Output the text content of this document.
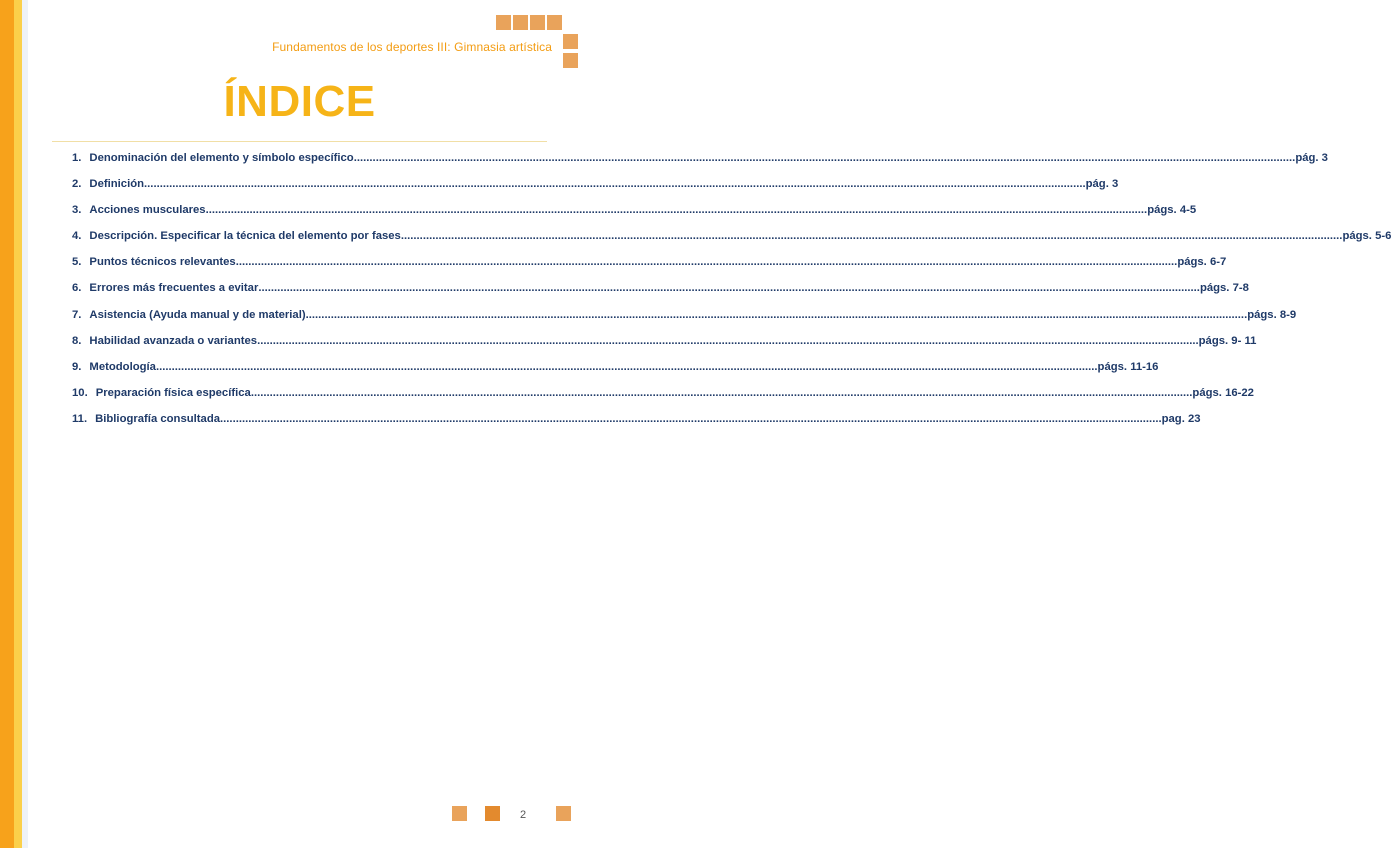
Fundamentos de los deportes III: Gimnasia artística
ÍNDICE
1. Denominación del elemento y símbolo específico ............................................................................................................................................................................................................................................................................................................ pág. 3
2. Definición ............................................................................................................................................................................................................................................................................................................ pág. 3
3. Acciones musculares ............................................................................................................................................................................................................................................................................................................ págs. 4-5
4. Descripción. Especificar la técnica del elemento por fases ............................................................................................................................................................................................................................................................................................................ págs. 5-6
5. Puntos técnicos relevantes ............................................................................................................................................................................................................................................................................................................ págs. 6-7
6. Errores más frecuentes a evitar ............................................................................................................................................................................................................................................................................................................ págs. 7-8
7. Asistencia (Ayuda manual y de material) ............................................................................................................................................................................................................................................................................................................ págs. 8-9
8. Habilidad avanzada o variantes ............................................................................................................................................................................................................................................................................................................ págs. 9- 11
9. Metodología ............................................................................................................................................................................................................................................................................................................ págs. 11-16
10. Preparación física específica ............................................................................................................................................................................................................................................................................................................ págs. 16-22
11. Bibliografía consultada ............................................................................................................................................................................................................................................................................................................ pag. 23
2
